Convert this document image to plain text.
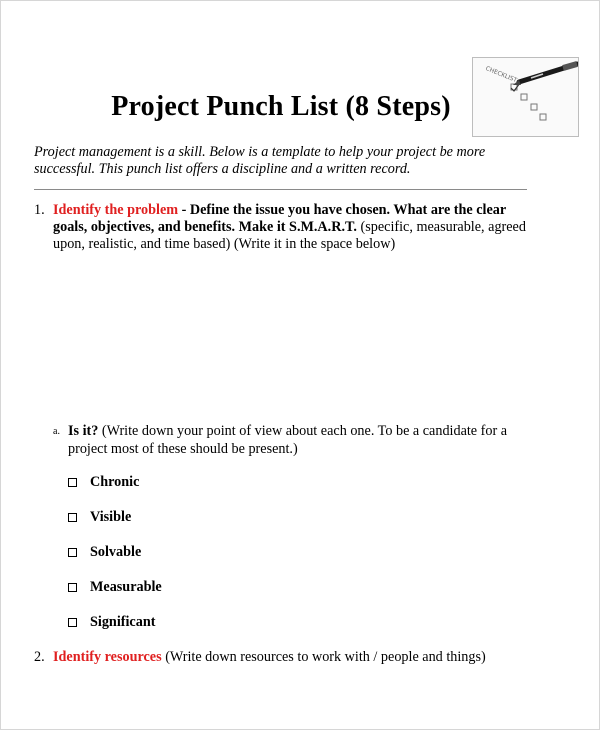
Project Punch List (8 Steps)
CHECKLIST
Project management is a skill. Below is a template to help your project be more successful. This punch list offers a discipline and a written record.
1. Identify the problem - Define the issue you have chosen. What are the clear goals, objectives, and benefits. Make it S.M.A.R.T. (specific, measurable, agreed upon, realistic, and time based) (Write it in the space below)
a. Is it? (Write down your point of view about each one. To be a candidate for a project most of these should be present.)
Chronic
Visible
Solvable
Measurable
Significant
2. Identify resources (Write down resources to work with / people and things)
